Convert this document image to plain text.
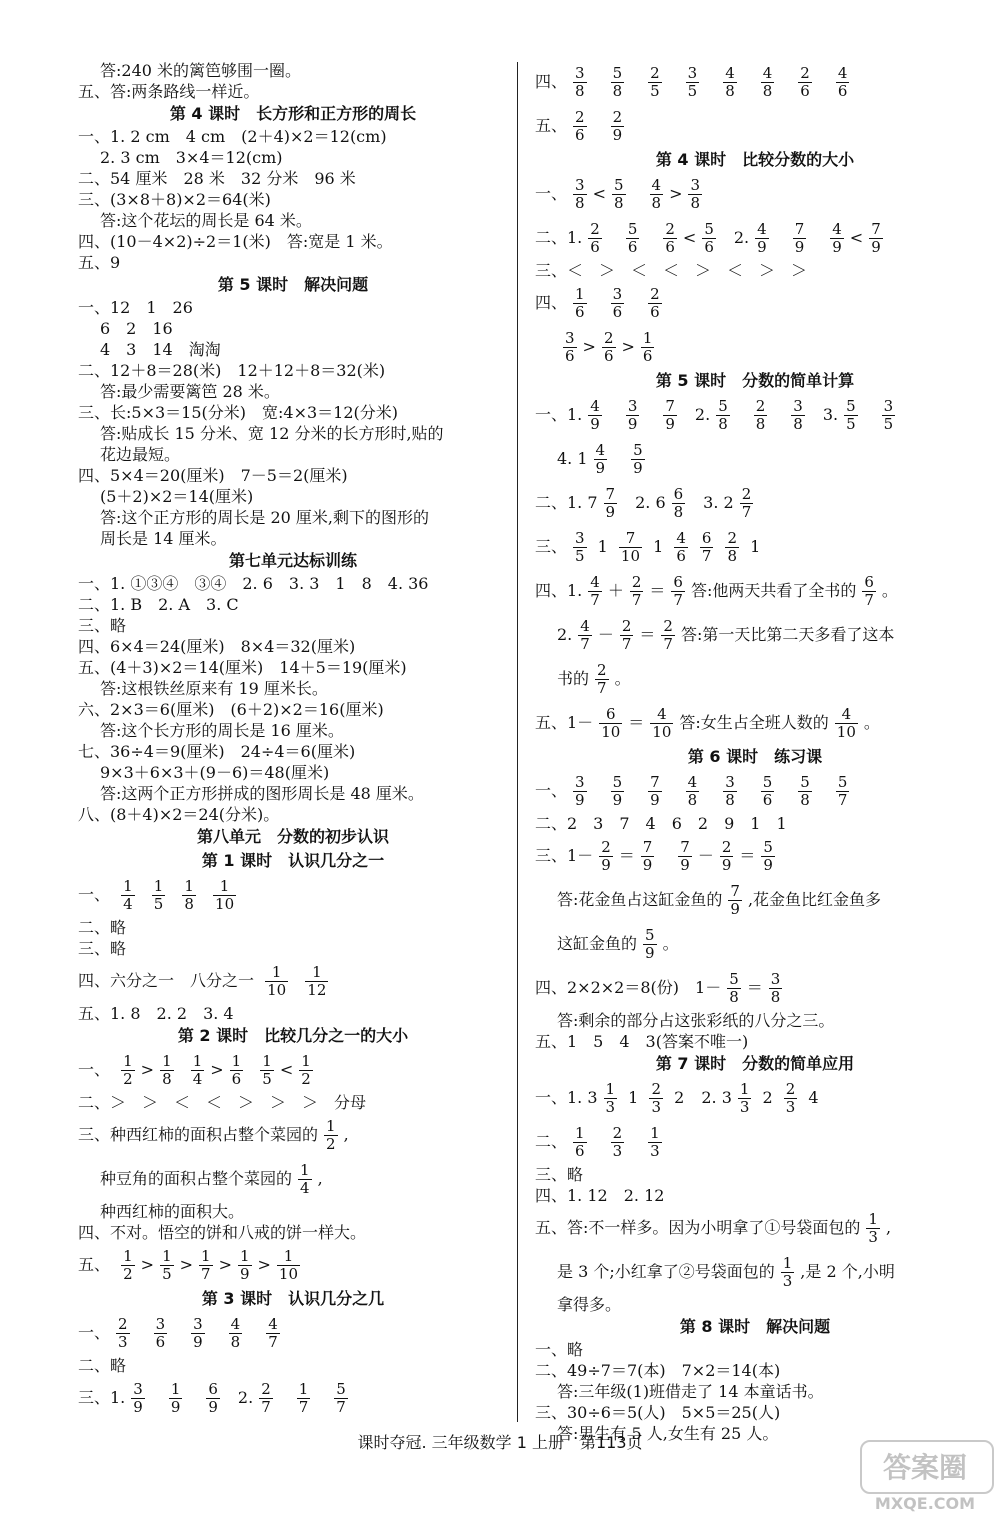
答:240 米的篱笆够围一圈。
五、答:两条路线一样近。
第 4 课时　长方形和正方形的周长
一、1. 2 cm　4 cm　(2＋4)×2＝12(cm)
2. 3 cm　3×4＝12(cm)
二、54 厘米　28 米　32 分米　96 米
三、(3×8＋8)×2＝64(米)
答:这个花坛的周长是 64 米。
四、(10－4×2)÷2＝1(米)　答:宽是 1 米。
五、9
第 5 课时　解决问题
一、12　1　26
6　2　16
4　3　14　淘淘
二、12＋8＝28(米)　12＋12＋8＝32(米)
答:最少需要篱笆 28 米。
三、长:5×3＝15(分米)　宽:4×3＝12(分米)
答:贴成长 15 分米、宽 12 分米的长方形时,贴的
花边最短。
四、5×4＝20(厘米)　7－5＝2(厘米)
(5＋2)×2＝14(厘米)
答:这个正方形的周长是 20 厘米,剩下的图形的
周长是 14 厘米。
第七单元达标训练
一、1. ①③④　③④　2. 6　3. 3　1　8　4. 36
二、1. B　2. A　3. C
三、略
四、6×4＝24(厘米)　8×4＝32(厘米)
五、(4＋3)×2＝14(厘米)　14＋5＝19(厘米)
答:这根铁丝原来有 19 厘米长。
六、2×3＝6(厘米)　(6＋2)×2＝16(厘米)
答:这个长方形的周长是 16 厘米。
七、36÷4＝9(厘米)　24÷4＝6(厘米)
9×3＋6×3＋(9－6)＝48(厘米)
答:这两个正方形拼成的图形周长是 48 厘米。
八、(8＋4)×2＝24(分米)。
第八单元　分数的初步认识
第 1 课时　认识几分之一
一、 $\frac{1}{4}$
$\frac{1}{5}$
$\frac{1}{8}$
$\frac{1}{10}$
二、略
三、略
四、六分之一　八分之一 $\frac{1}{10}$
$\frac{1}{12}$
五、1. 8　2. 2　3. 4
第 2 课时　比较几分之一的大小
一、 $\frac{1}{2} > \frac{1}{8}$
$\frac{1}{4} > \frac{1}{6}$
$\frac{1}{5} < \frac{1}{2}$
二、＞　＞　＜　＜　＞　＞　＞　分母
三、种西红柿的面积占整个菜园的 $\frac{1}{2}$ ,
种豆角的面积占整个菜园的 $\frac{1}{4}$ ,
种西红柿的面积大。
四、不对。悟空的饼和八戒的饼一样大。
五、 $\frac{1}{2} > \frac{1}{5} > \frac{1}{7} > \frac{1}{9} > \frac{1}{10}$
第 3 课时　认识几分之几
一、 $\frac{2}{3} \frac{3}{6} \frac{3}{9} \frac{4}{8} \frac{4}{7}$
二、略
三、1. $\frac{3}{9} \frac{1}{9} \frac{6}{9} 2$. $\frac{2}{7} \frac{1}{7} \frac{5}{7}$
四、 $\frac{3}{8} \frac{5}{8} \frac{2}{5} \frac{3}{5} \frac{4}{8} \frac{4}{8} \frac{2}{6} \frac{4}{6}$
五、 $\frac{2}{6} \frac{2}{9}$
第 4 课时　比较分数的大小
一、 $\frac{3}{8} < \frac{5}{8} \frac{4}{8} > \frac{3}{8}$
二、1. $\frac{2}{6} \frac{5}{6} \frac{2}{6} < \frac{5}{6} 2$. $\frac{4}{9} \frac{7}{9} \frac{4}{9} < \frac{7}{9}$
三、＜　＞　＜　＜　＞　＜　＞　＞
四、 $\frac{1}{6} \frac{3}{6} \frac{2}{6}$
$\frac{3}{6} > \frac{2}{6} > \frac{1}{6}$
第 5 课时　分数的简单计算
一、1. $\frac{4}{9} \frac{3}{9} \frac{7}{9} 2$. $\frac{5}{8} \frac{2}{8} \frac{3}{8} 3$. $\frac{5}{5} \frac{3}{5}$
4. $1 \frac{4}{9} \frac{5}{9}$
二、1. $7 \frac{7}{9} 2$. $6 \frac{6}{8} 3$. $2 \frac{2}{7}$
三、 $\frac{3}{5} 1 \frac{7}{10} 1 \frac{4}{6} \frac{6}{7} \frac{2}{8} 1$
四、1. $\frac{4}{7} + \frac{2}{7} = \frac{6}{7}$ 答:他两天共看了全书的 $\frac{6}{7}$ 。
2. $\frac{4}{7} - \frac{2}{7} = \frac{2}{7}$ 答:第一天比第二天多看了这本
书的 $\frac{2}{7}$ 。
五、$1- \frac{6}{10} = \frac{4}{10}$ 答:女生占全班人数的 $\frac{4}{10}$ 。
第 6 课时　练习课
一、 $\frac{3}{9} \frac{5}{9} \frac{7}{9} \frac{4}{8} \frac{3}{8} \frac{5}{6} \frac{5}{8} \frac{5}{7}$
二、2　3　7　4　6　2　9　1　1
三、$1- \frac{2}{9} = \frac{7}{9} \frac{7}{9} - \frac{2}{9} = \frac{5}{9}$
答:花金鱼占这缸金鱼的 $\frac{7}{9}$ ,花金鱼比红金鱼多
这缸金鱼的 $\frac{5}{9}$ 。
四、2×2×2＝8(份)　$1- \frac{5}{8} = \frac{3}{8}$
答:剩余的部分占这张彩纸的八分之三。
五、1　5　4　3(答案不唯一)
第 7 课时　分数的简单应用
一、1. $3 \frac{1}{3} 1 \frac{2}{3} 2$ 2. $3 \frac{1}{3} 2 \frac{2}{3} 4$
二、 $\frac{1}{6} \frac{2}{3} \frac{1}{3}$
三、略
四、1. 12　2. 12
五、答:不一样多。因为小明拿了①号袋面包的 $\frac{1}{3}$ ,
是 3 个;小红拿了②号袋面包的 $\frac{1}{3}$ ,是 2 个,小明
拿得多。
第 8 课时　解决问题
一、略
二、49÷7＝7(本)　7×2＝14(本)
答:三年级(1)班借走了 14 本童话书。
三、30÷6＝5(人)　5×5＝25(人)
答:男生有 5 人,女生有 25 人。
课时夺冠. 三年级数学 1 上册　第113页
答案圈
MXQE.COM
